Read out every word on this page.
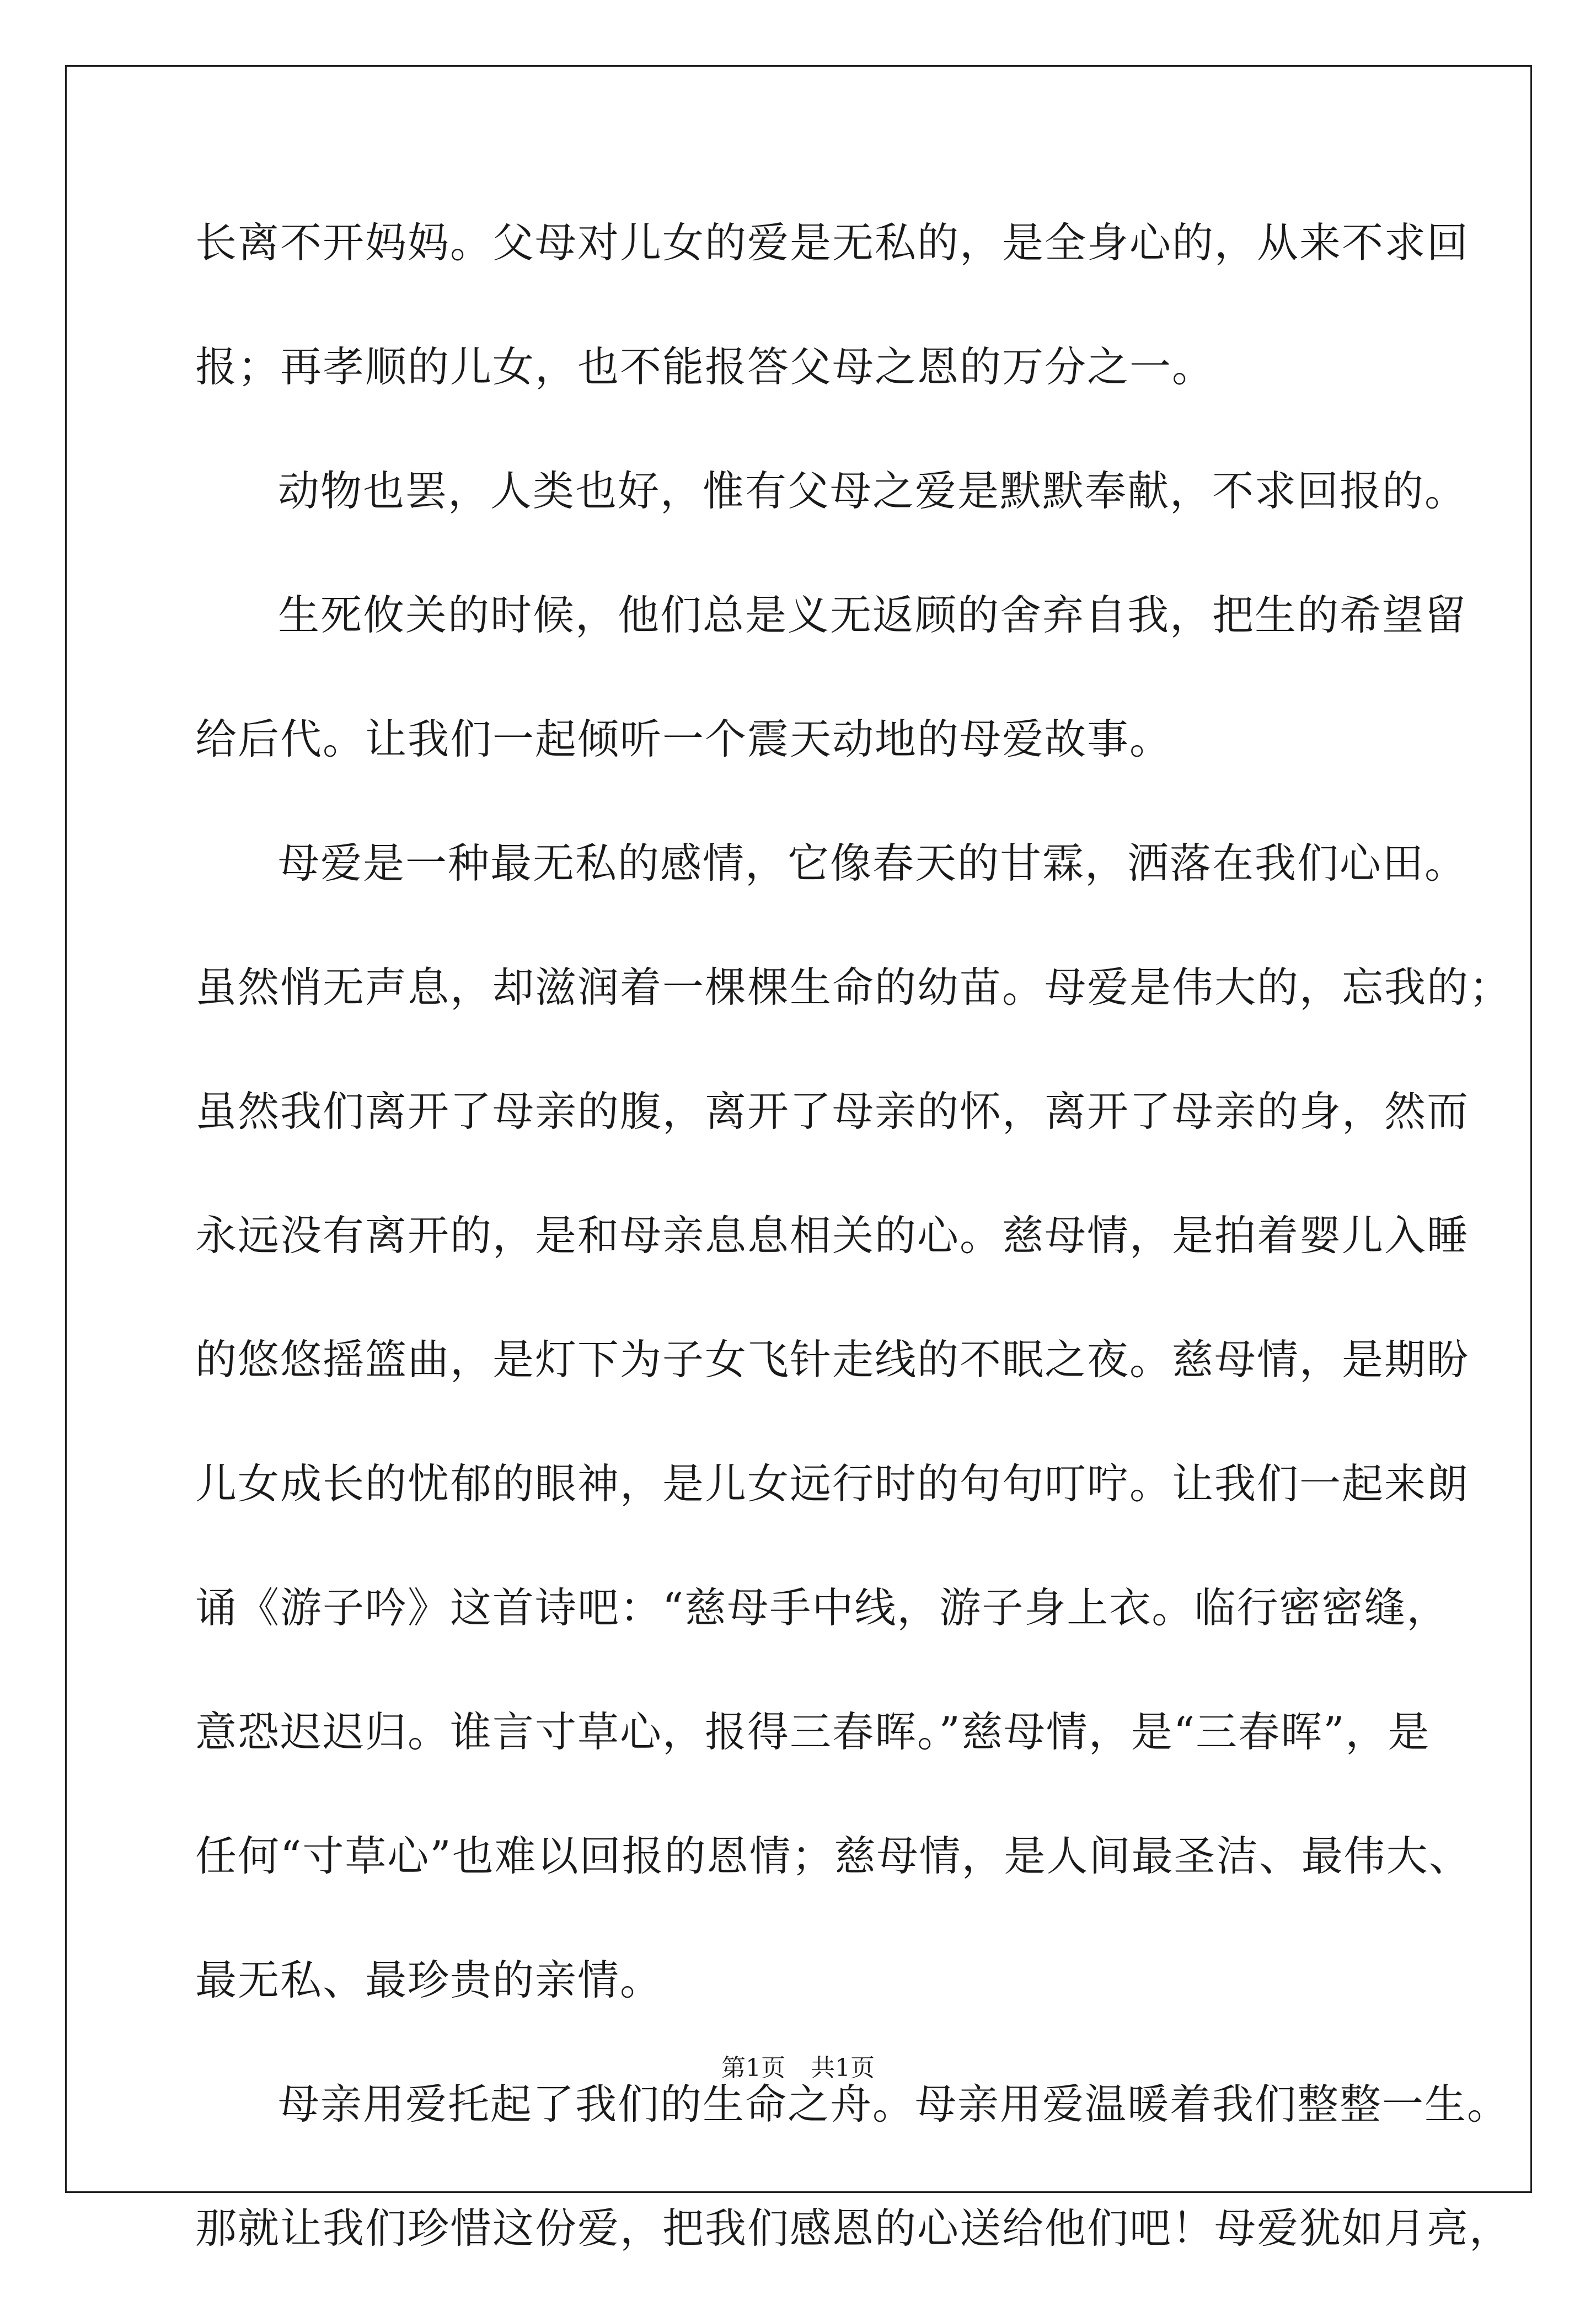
长离不开妈妈。父母对儿女的爱是无私的，是全身心的，从来不求回
报；再孝顺的儿女，也不能报答父母之恩的万分之一。
动物也罢，人类也好，惟有父母之爱是默默奉献，不求回报的。
生死攸关的时候，他们总是义无返顾的舍弃自我，把生的希望留
给后代。让我们一起倾听一个震天动地的母爱故事。
母爱是一种最无私的感情，它像春天的甘霖，洒落在我们心田。
虽然悄无声息，却滋润着一棵棵生命的幼苗。母爱是伟大的，忘我的；
虽然我们离开了母亲的腹，离开了母亲的怀，离开了母亲的身，然而
永远没有离开的，是和母亲息息相关的心。慈母情，是拍着婴儿入睡
的悠悠摇篮曲，是灯下为子女飞针走线的不眠之夜。慈母情，是期盼
儿女成长的忧郁的眼神，是儿女远行时的句句叮咛。让我们一起来朗
诵《游子吟》这首诗吧：“慈母手中线，游子身上衣。临行密密缝，
意恐迟迟归。谁言寸草心，报得三春晖。”慈母情，是“三春晖”，是
任何“寸草心”也难以回报的恩情；慈母情，是人间最圣洁、最伟大、
最无私、最珍贵的亲情。
母亲用爱托起了我们的生命之舟。母亲用爱温暖着我们整整一生。
那就让我们珍惜这份爱，把我们感恩的心送给他们吧！母爱犹如月亮，
第1页 共1页
